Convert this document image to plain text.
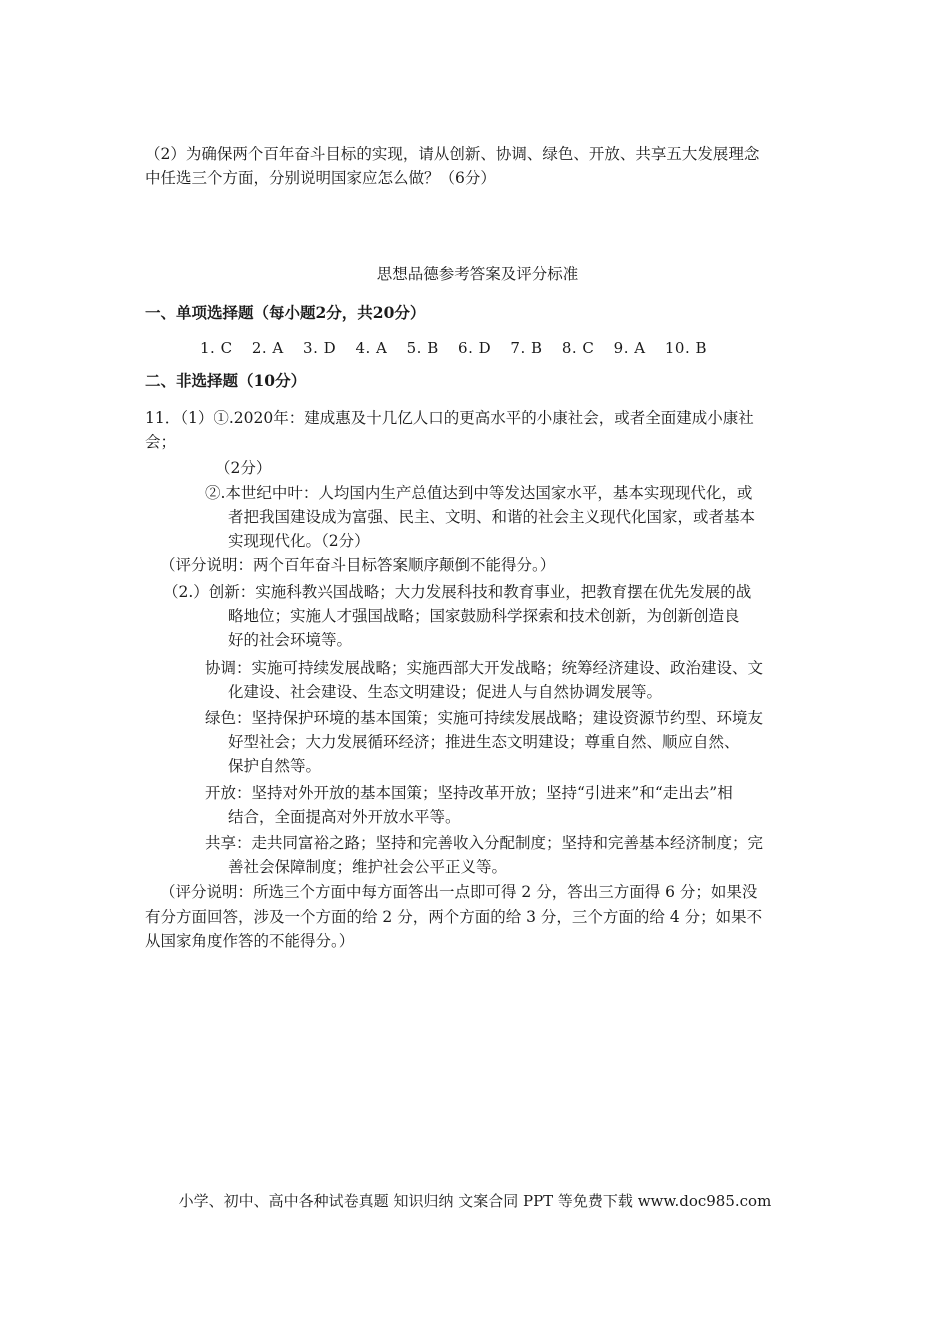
（2）为确保两个百年奋斗目标的实现，请从创新、协调、绿色、开放、共享五大发展理念
中任选三个方面，分别说明国家应怎么做？（6分）
思想品德参考答案及评分标准
一、单项选择题（每小题2分，共20分）
1. C 2. A 3. D 4. A 5. B 6. D 7. B 8. C 9. A 10. B
二、非选择题（10分）
11．（1）①.2020年：建成惠及十几亿人口的更高水平的小康社会，或者全面建成小康社
会；
（2分）
②.本世纪中叶：人均国内生产总值达到中等发达国家水平，基本实现现代化，或
者把我国建设成为富强、民主、文明、和谐的社会主义现代化国家，或者基本
实现现代化。（2分）
（评分说明：两个百年奋斗目标答案顺序颠倒不能得分。）
（2.）创新：实施科教兴国战略；大力发展科技和教育事业，把教育摆在优先发展的战
略地位；实施人才强国战略；国家鼓励科学探索和技术创新，为创新创造良
好的社会环境等。
协调：实施可持续发展战略；实施西部大开发战略；统筹经济建设、政治建设、文
化建设、社会建设、生态文明建设；促进人与自然协调发展等。
绿色：坚持保护环境的基本国策；实施可持续发展战略；建设资源节约型、环境友
好型社会；大力发展循环经济；推进生态文明建设；尊重自然、顺应自然、
保护自然等。
开放：坚持对外开放的基本国策；坚持改革开放；坚持“引进来”和“走出去”相
结合，全面提高对外开放水平等。
共享：走共同富裕之路；坚持和完善收入分配制度；坚持和完善基本经济制度；完
善社会保障制度；维护社会公平正义等。
（评分说明：所选三个方面中每方面答出一点即可得 2 分，答出三方面得 6 分；如果没
有分方面回答，涉及一个方面的给 2 分，两个方面的给 3 分，三个方面的给 4 分；如果不
从国家角度作答的不能得分。）
小学、初中、高中各种试卷真题 知识归纳 文案合同 PPT 等免费下载 www.doc985.com
